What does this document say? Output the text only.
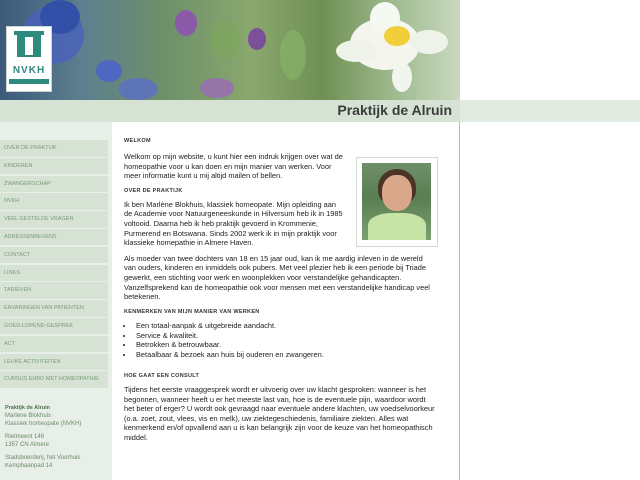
NVKH
Praktijk de Alruin
OVER DE PRAKTIJK
KINDEREN
ZWANGERSCHAP
NVKH
VEEL GESTELDE VRAGEN
ADRESSENBEVENS
CONTACT
LINKS
TARIEVEN
ERVARINGEN VAN PATIENTEN
GOED-LOPEND-GESPREK
ACT
LEUKE ACTIVITEITEN
CURSUS EHBO MET HOMEOPATHIE
Praktijk de Alruin
Marlène Blokhuis
Klassiek homeopate (NVKH)
Rietmeent 146
1357 CN Almere
Stadsboerderij, het Voorhuis
Kemphaanpad 14
WELKOM

Welkom op mijn website, u kunt hier een indruk krijgen over wat de homeopathie voor u kan doen en mijn manier van werken. Voor meer informatie kunt u mij altijd mailen of bellen.

OVER DE PRAKTIJK

Ik ben Marlène Blokhuis, klassiek homeopate. Mijn opleiding aan de Academie voor Natuurgeneeskunde in Hilversum heb ik in 1985 voltooid. Daarna heb ik heb praktijk gevoerd in Krommenie, Purmerend en Botswana. Sinds 2002 werk ik in mijn praktijk voor klassieke homepathie in Almere Haven.

Als moeder van twee dochters van 18 en 15 jaar oud, kan ik me aardig inleven in de wereld van ouders, kinderen en inmiddels ook pubers. Met veel plezier heb ik een periode bij Triade gewerkt, een stichting voor werk en woonplekken voor verstandelijke gehandicapten. Vanzelfsprekend kan de homeopathie ook voor mensen met een verstandelijke handicap veel betekenen.

KENMERKEN VAN MIJN MANIER VAN WERKEN
• Een totaal-aanpak & uitgebreide aandacht.
• Service & kwaliteit.
• Betrokken & betrouwbaar.
• Betaalbaar & bezoek aan huis bij ouderen en zwangeren.
HOE GAAT EEN CONSULT

Tijdens het eerste vraaggesprek wordt er uitvoerig over uw klacht gesproken: wanneer is het begonnen, wanneer heeft u er het meeste last van, hoe is de eventuele pijn, waardoor wordt het beter of erger? U wordt ook gevraagd naar eventuele andere klachten, uw voedselvoorkeur (o.a. zoet, zout, vlees, vis en melk), uw ziektegeschiedenis, familiaire ziekten. Alles wat kenmerkend en/of opvallend aan u is kan belangrijk zijn voor de keuze van het homeopathisch middel.
